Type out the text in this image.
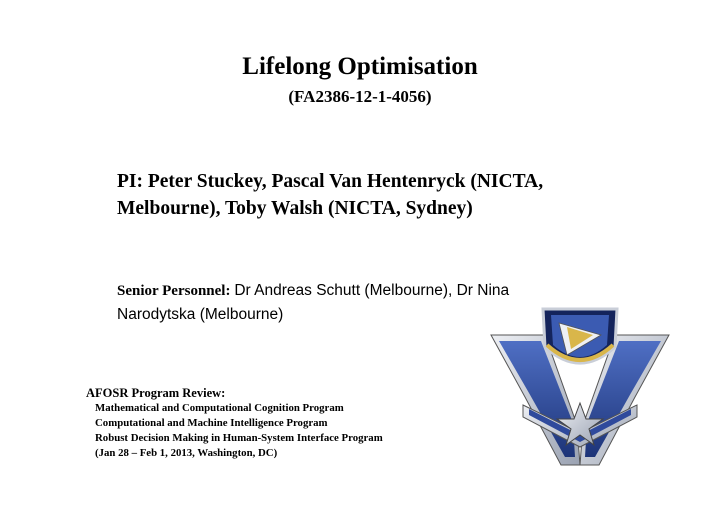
Lifelong Optimisation
(FA2386-12-1-4056)
PI: Peter Stuckey, Pascal Van Hentenryck (NICTA, Melbourne), Toby Walsh (NICTA, Sydney)
Senior Personnel: Dr Andreas Schutt (Melbourne), Dr Nina Narodytska (Melbourne)
AFOSR Program Review:
Mathematical and Computational Cognition Program
Computational and Machine Intelligence Program
Robust Decision Making in Human-System Interface Program
(Jan 28 – Feb 1, 2013, Washington, DC)
